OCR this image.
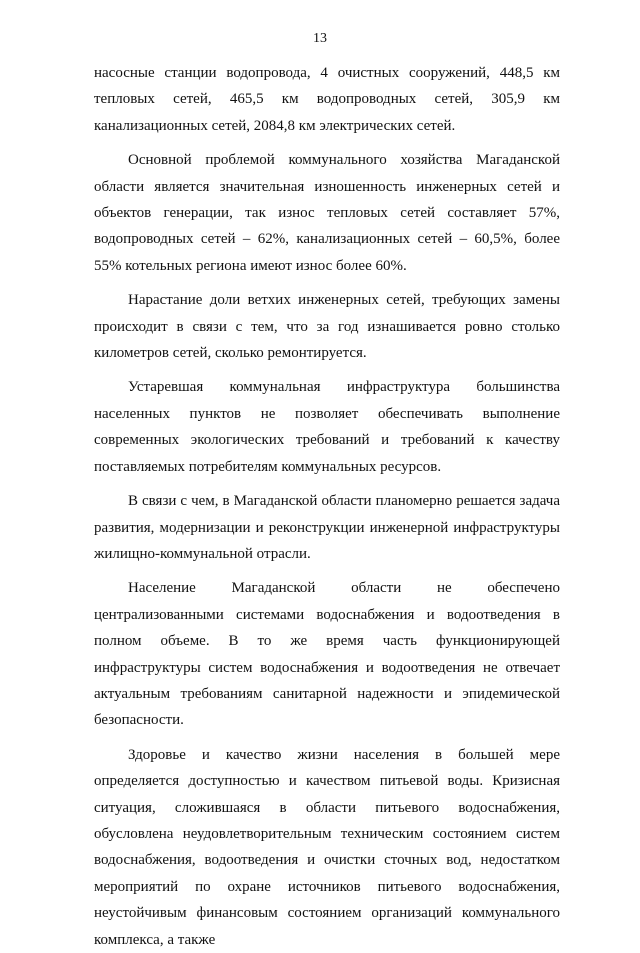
13

насосные станции водопровода, 4 очистных сооружений, 448,5 км тепловых сетей, 465,5 км водопроводных сетей, 305,9 км канализационных сетей, 2084,8 км электрических сетей.

Основной проблемой коммунального хозяйства Магаданской области является значительная изношенность инженерных сетей и объектов генерации, так износ тепловых сетей составляет 57%, водопроводных сетей – 62%, канализационных сетей – 60,5%, более 55% котельных региона имеют износ более 60%.

Нарастание доли ветхих инженерных сетей, требующих замены происходит в связи с тем, что за год изнашивается ровно столько километров сетей, сколько ремонтируется.

Устаревшая коммунальная инфраструктура большинства населенных пунктов не позволяет обеспечивать выполнение современных экологических требований и требований к качеству поставляемых потребителям коммунальных ресурсов.

В связи с чем, в Магаданской области планомерно решается задача развития, модернизации и реконструкции инженерной инфраструктуры жилищно-коммунальной отрасли.

Население Магаданской области не обеспечено централизованными системами водоснабжения и водоотведения в полном объеме. В то же время часть функционирующей инфраструктуры систем водоснабжения и водоотведения не отвечает актуальным требованиям санитарной надежности и эпидемической безопасности.

Здоровье и качество жизни населения в большей мере определяется доступностью и качеством питьевой воды. Кризисная ситуация, сложившаяся в области питьевого водоснабжения, обусловлена неудовлетворительным техническим состоянием систем водоснабжения, водоотведения и очистки сточных вод, недостатком мероприятий по охране источников питьевого водоснабжения, неустойчивым финансовым состоянием организаций коммунального комплекса, а также
